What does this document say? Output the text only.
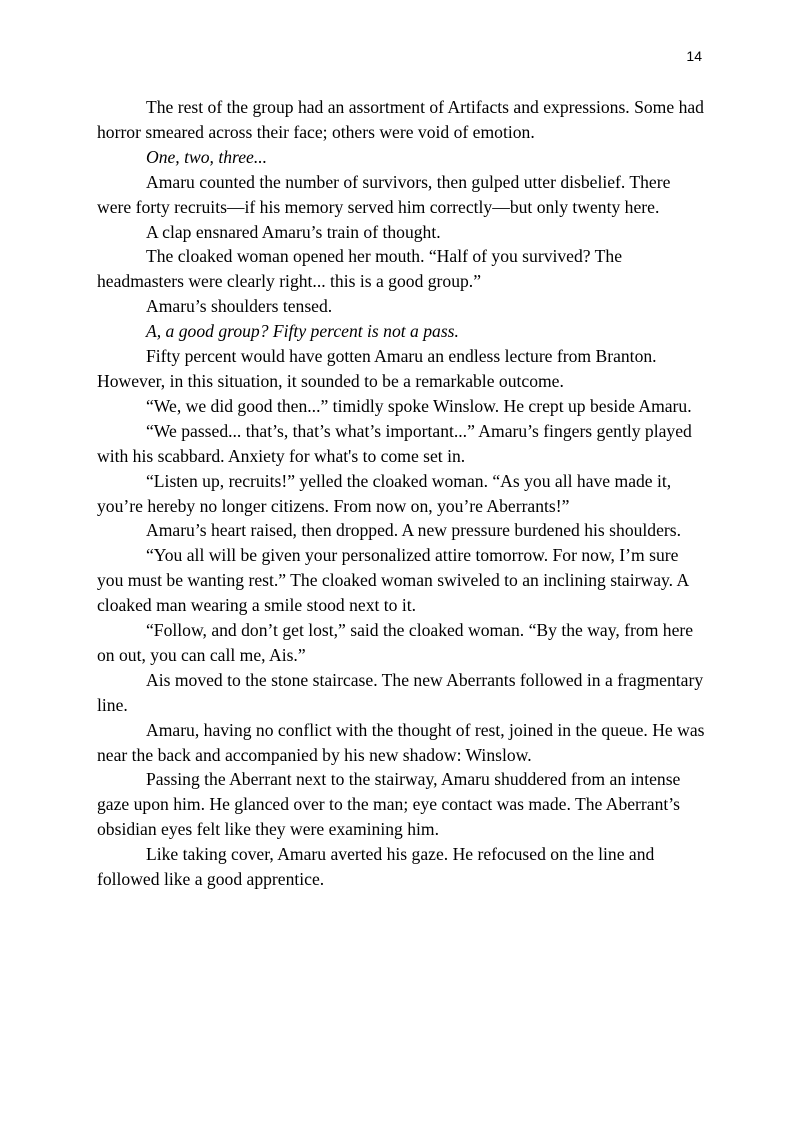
14

The rest of the group had an assortment of Artifacts and expressions. Some had horror smeared across their face; others were void of emotion.

One, two, three...

Amaru counted the number of survivors, then gulped utter disbelief. There were forty recruits—if his memory served him correctly—but only twenty here.

A clap ensnared Amaru’s train of thought.

The cloaked woman opened her mouth. “Half of you survived? The headmasters were clearly right... this is a good group.”

Amaru’s shoulders tensed.

A, a good group? Fifty percent is not a pass.

Fifty percent would have gotten Amaru an endless lecture from Branton. However, in this situation, it sounded to be a remarkable outcome.

“We, we did good then...” timidly spoke Winslow. He crept up beside Amaru.

“We passed... that’s, that’s what’s important...” Amaru’s fingers gently played with his scabbard. Anxiety for what's to come set in.

“Listen up, recruits!” yelled the cloaked woman. “As you all have made it, you’re hereby no longer citizens. From now on, you’re Aberrants!”

Amaru’s heart raised, then dropped. A new pressure burdened his shoulders.

“You all will be given your personalized attire tomorrow. For now, I’m sure you must be wanting rest.” The cloaked woman swiveled to an inclining stairway. A cloaked man wearing a smile stood next to it.

“Follow, and don’t get lost,” said the cloaked woman. “By the way, from here on out, you can call me, Ais.”

Ais moved to the stone staircase. The new Aberrants followed in a fragmentary line.

Amaru, having no conflict with the thought of rest, joined in the queue. He was near the back and accompanied by his new shadow: Winslow.

Passing the Aberrant next to the stairway, Amaru shuddered from an intense gaze upon him. He glanced over to the man; eye contact was made. The Aberrant’s obsidian eyes felt like they were examining him.

Like taking cover, Amaru averted his gaze. He refocused on the line and followed like a good apprentice.
